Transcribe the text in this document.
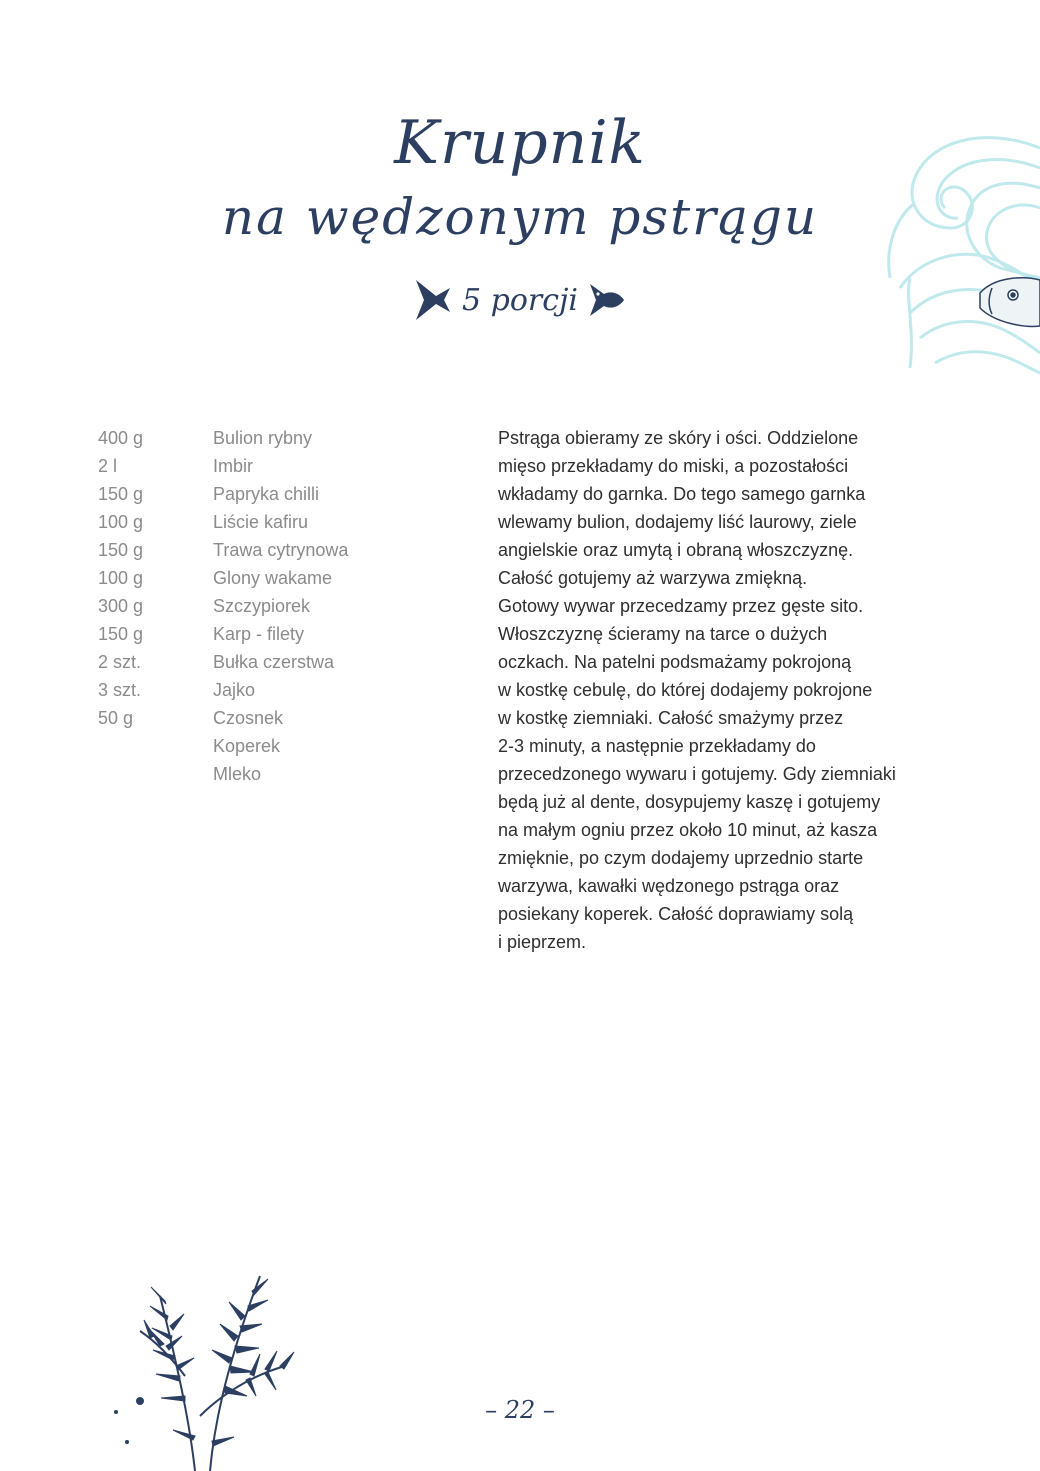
Krupnik
na wędzonym pstrągu
5 porcji
400 g	Bulion rybny
2 l	Imbir
150 g	Papryka chilli
100 g	Liście kafiru
150 g	Trawa cytrynowa
100 g	Glony wakame
300 g	Szczypiorek
150 g	Karp - filety
2 szt.	Bułka czerstwa
3 szt.	Jajko
50 g	Czosnek
Koperek
Mleko
Pstrąga obieramy ze skóry i ości. Oddzielone
mięso przekładamy do miski, a pozostałości
wkładamy do garnka. Do tego samego garnka
wlewamy bulion, dodajemy liść laurowy, ziele
angielskie oraz umytą i obraną włoszczyznę.
Całość gotujemy aż warzywa zmiękną.
Gotowy wywar przecedzamy przez gęste sito.
Włoszczyznę ścieramy na tarce o dużych
oczkach. Na patelni podsmażamy pokrojoną
w kostkę cebulę, do której dodajemy pokrojone
w kostkę ziemniaki. Całość smażymy przez
2-3 minuty, a następnie przekładamy do
przecedzonego wywaru i gotujemy. Gdy ziemniaki
będą już al dente, dosypujemy kaszę i gotujemy
na małym ogniu przez około 10 minut, aż kasza
zmięknie, po czym dodajemy uprzednio starte
warzywa, kawałki wędzonego pstrąga oraz
posiekany koperek. Całość doprawiamy solą
i pieprzem.
– 22 –
